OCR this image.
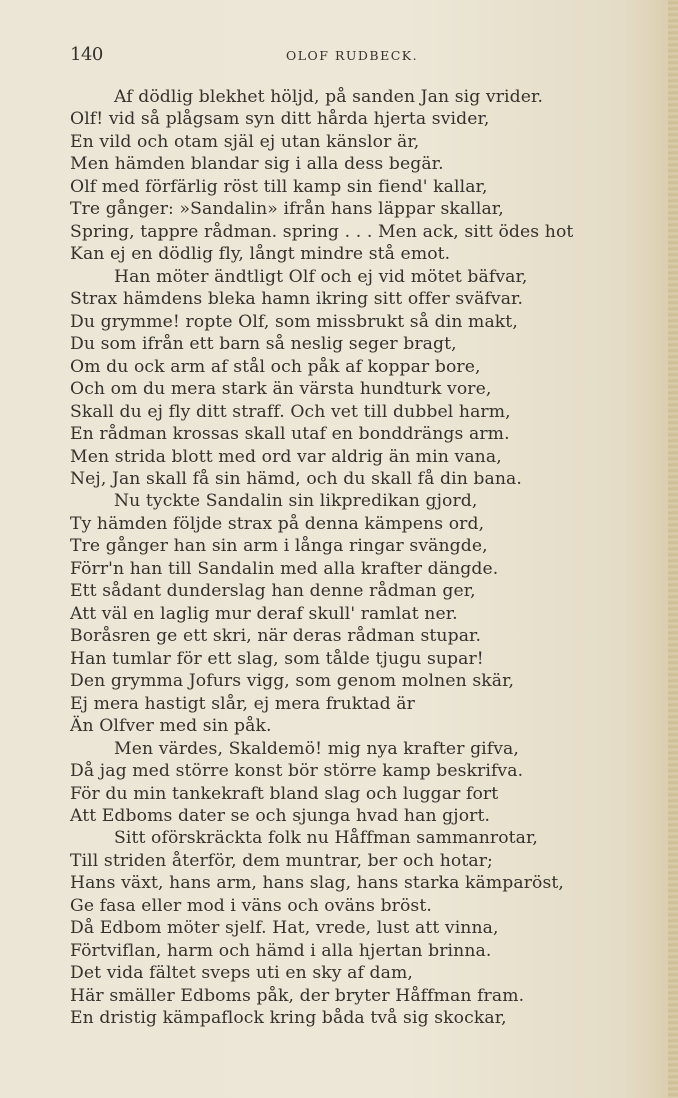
140	OLOF RUDBECK.
Af dödlig blekhet höljd, på sanden Jan sig vrider.
Olf! vid så plågsam syn ditt hårda hjerta svider,
En vild och otam själ ej utan känslor är,
Men hämden blandar sig i alla dess begär.
Olf med förfärlig röst till kamp sin fiend' kallar,
Tre gånger: »Sandalin» ifrån hans läppar skallar,
Spring, tappre rådman. spring . . . Men ack, sitt ödes hot
Kan ej en dödlig fly, långt mindre stå emot.
Han möter ändtligt Olf och ej vid mötet bäfvar,
Strax hämdens bleka hamn ikring sitt offer sväfvar.
Du grymme! ropte Olf, som missbrukt så din makt,
Du som ifrån ett barn så neslig seger bragt,
Om du ock arm af stål och påk af koppar bore,
Och om du mera stark än värsta hundturk vore,
Skall du ej fly ditt straff. Och vet till dubbel harm,
En rådman krossas skall utaf en bonddrängs arm.
Men strida blott med ord var aldrig än min vana,
Nej, Jan skall få sin hämd, och du skall få din bana.
Nu tyckte Sandalin sin likpredikan gjord,
Ty hämden följde strax på denna kämpens ord,
Tre gånger han sin arm i långa ringar svängde,
Förr'n han till Sandalin med alla krafter dängde.
Ett sådant dunderslag han denne rådman ger,
Att väl en laglig mur deraf skull' ramlat ner.
Boråsren ge ett skri, när deras rådman stupar.
Han tumlar för ett slag, som tålde tjugu supar!
Den grymma Jofurs vigg, som genom molnen skär,
Ej mera hastigt slår, ej mera fruktad är
Än Olfver med sin påk.
Men värdes, Skaldemö! mig nya krafter gifva,
Då jag med större konst bör större kamp beskrifva.
För du min tankekraft bland slag och luggar fort
Att Edboms dater se och sjunga hvad han gjort.
Sitt oförskräckta folk nu Håffman sammanrotar,
Till striden återför, dem muntrar, ber och hotar;
Hans växt, hans arm, hans slag, hans starka kämparöst,
Ge fasa eller mod i väns och oväns bröst.
Då Edbom möter sjelf. Hat, vrede, lust att vinna,
Förtviflan, harm och hämd i alla hjertan brinna.
Det vida fältet sveps uti en sky af dam,
Här smäller Edboms påk, der bryter Håffman fram.
En dristig kämpaflock kring båda två sig skockar,
